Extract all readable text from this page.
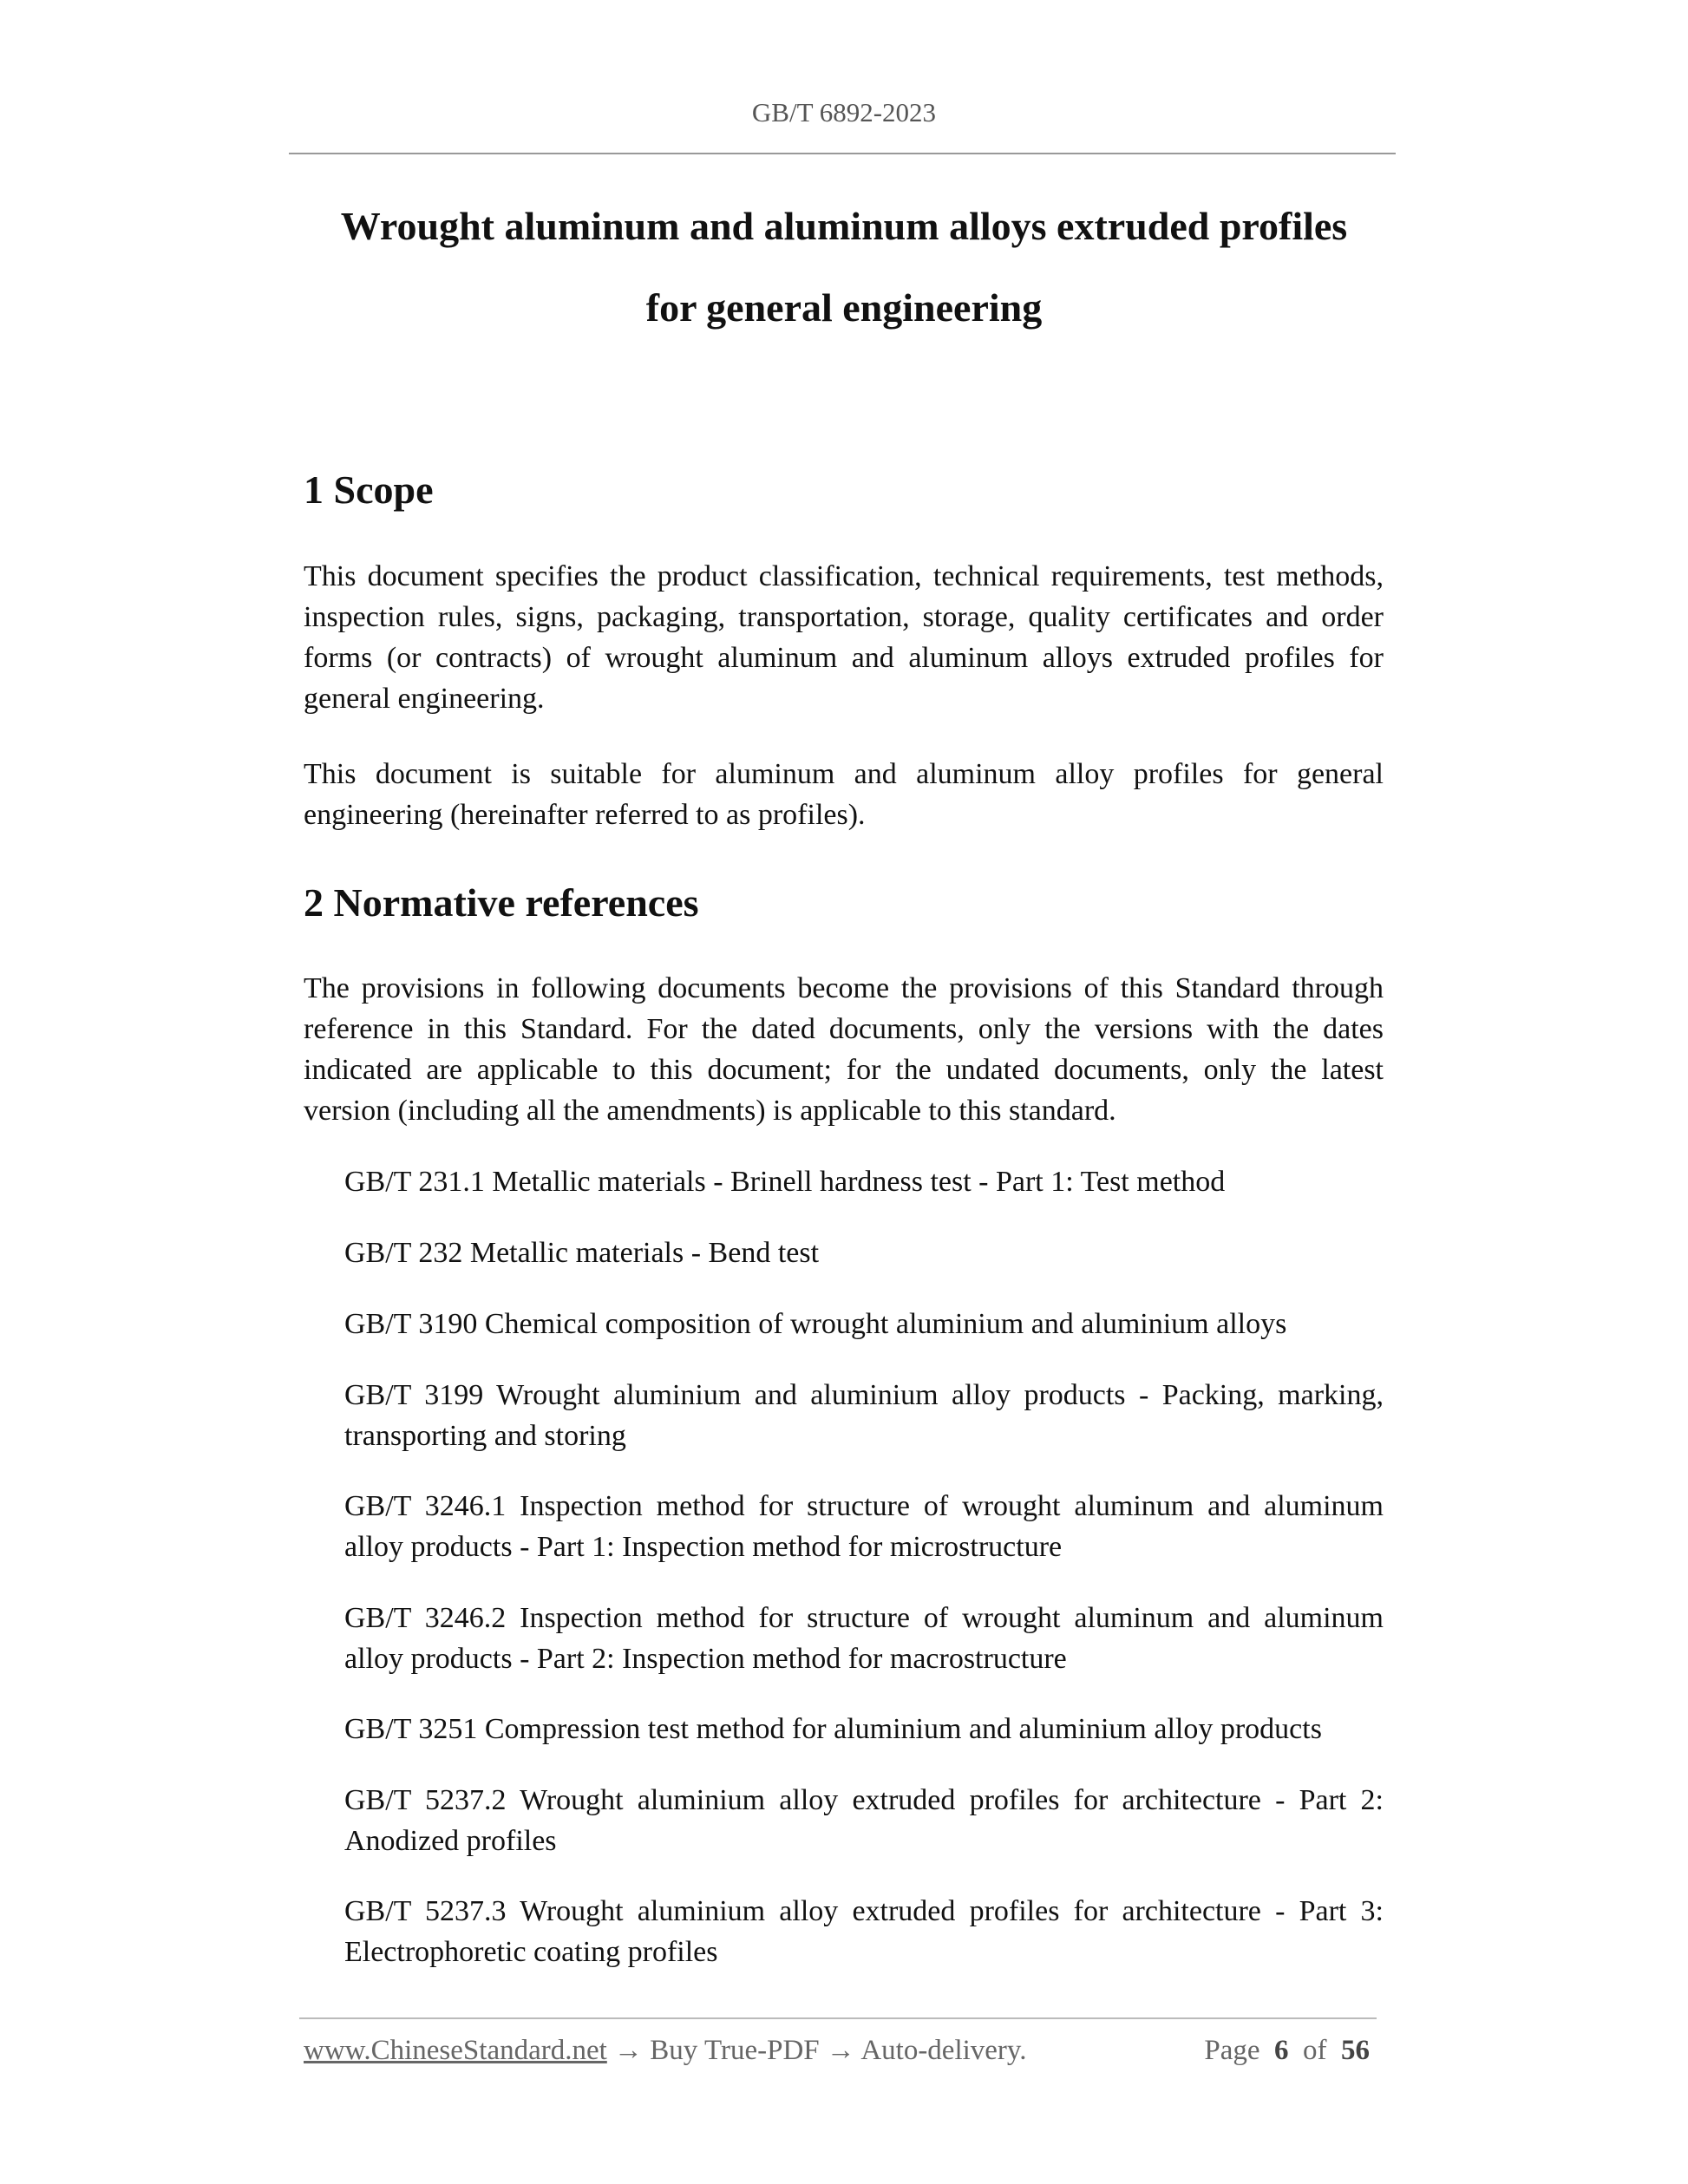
GB/T 6892-2023
Wrought aluminum and aluminum alloys extruded profiles
for general engineering
1 Scope
This document specifies the product classification, technical requirements, test methods, inspection rules, signs, packaging, transportation, storage, quality certificates and order forms (or contracts) of wrought aluminum and aluminum alloys extruded profiles for general engineering.
This document is suitable for aluminum and aluminum alloy profiles for general engineering (hereinafter referred to as profiles).
2 Normative references
The provisions in following documents become the provisions of this Standard through reference in this Standard. For the dated documents, only the versions with the dates indicated are applicable to this document; for the undated documents, only the latest version (including all the amendments) is applicable to this standard.
GB/T 231.1 Metallic materials - Brinell hardness test - Part 1: Test method
GB/T 232 Metallic materials - Bend test
GB/T 3190 Chemical composition of wrought aluminium and aluminium alloys
GB/T 3199 Wrought aluminium and aluminium alloy products - Packing, marking, transporting and storing
GB/T 3246.1 Inspection method for structure of wrought aluminum and aluminum alloy products - Part 1: Inspection method for microstructure
GB/T 3246.2 Inspection method for structure of wrought aluminum and aluminum alloy products - Part 2: Inspection method for macrostructure
GB/T 3251 Compression test method for aluminium and aluminium alloy products
GB/T 5237.2 Wrought aluminium alloy extruded profiles for architecture - Part 2: Anodized profiles
GB/T 5237.3 Wrought aluminium alloy extruded profiles for architecture - Part 3: Electrophoretic coating profiles
www.ChineseStandard.net → Buy True-PDF → Auto-delivery.	Page 6 of 56
